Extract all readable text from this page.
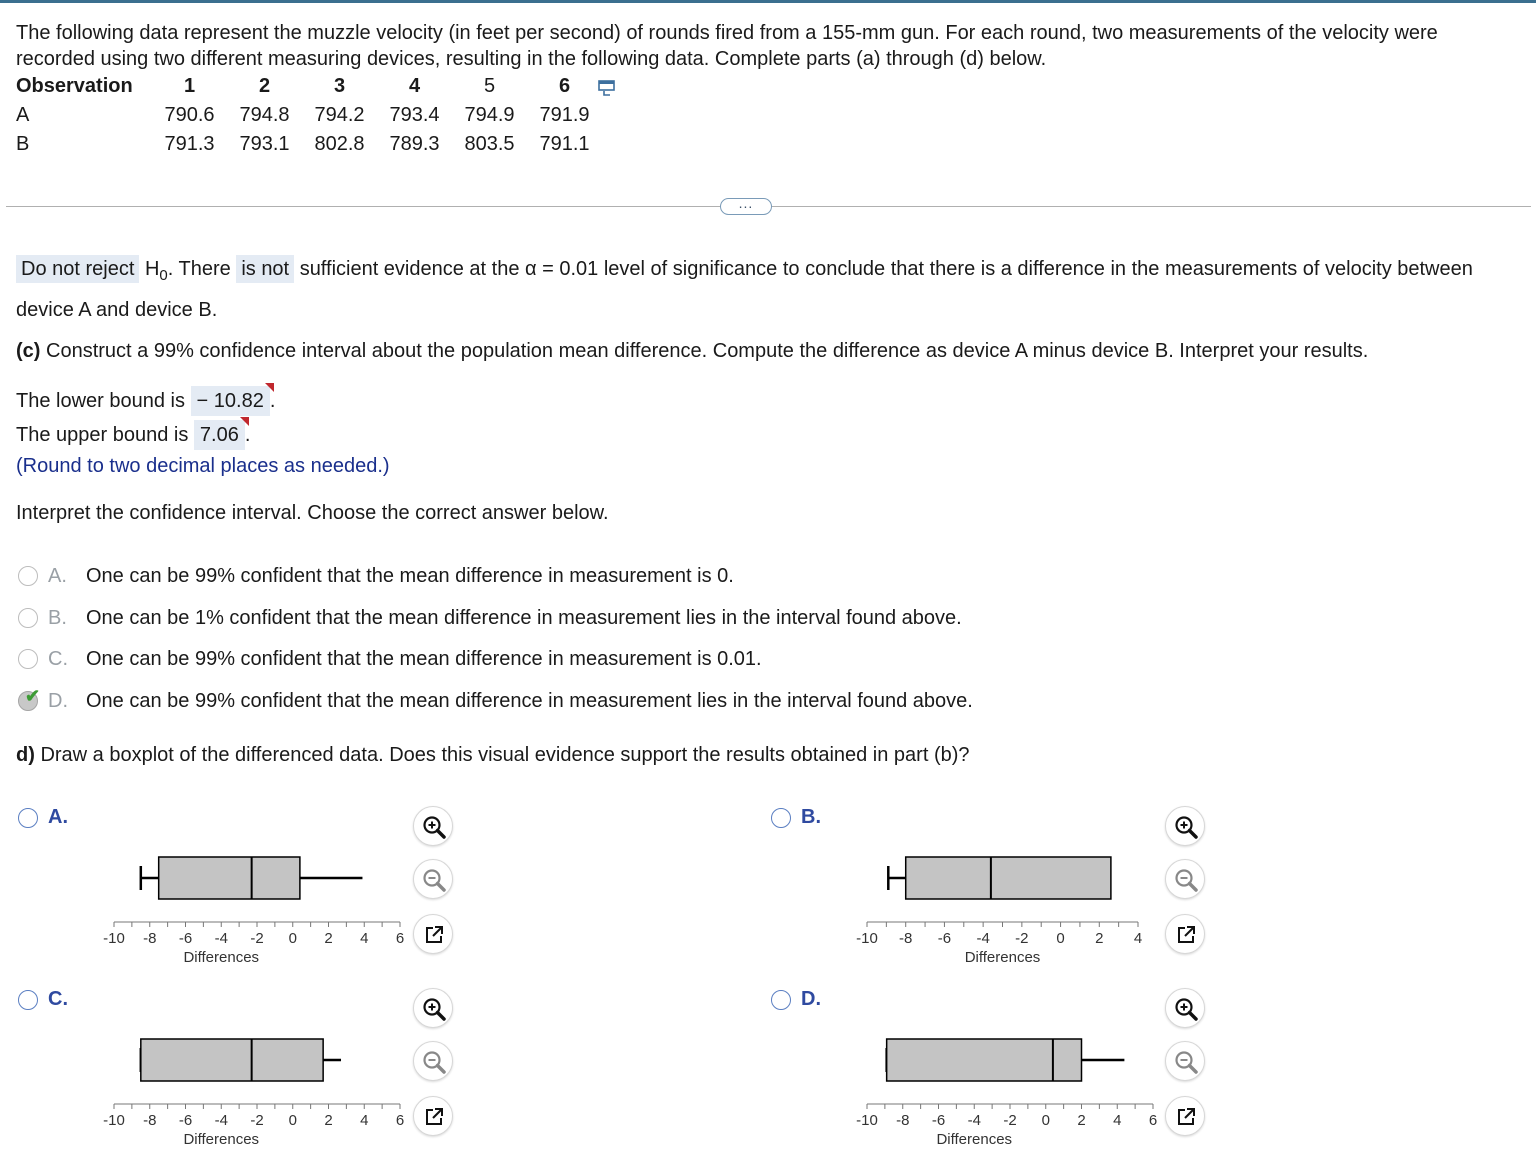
The following data represent the muzzle velocity (in feet per second) of rounds fired from a 155-mm gun. For each round, two measurements of the velocity were recorded using two different measuring devices, resulting in the following data. Complete parts (a) through (d) below.
Observation	1	2	3	4	5	6
A	790.6	794.8	794.2	793.4	794.9	791.9
B	791.3	793.1	802.8	789.3	803.5	791.1
...
Do not reject $H_0$. There is not sufficient evidence at the α = 0.01 level of significance to conclude that there is a difference in the measurements of velocity between device A and device B.
(c) Construct a 99% confidence interval about the population mean difference. Compute the difference as device A minus device B. Interpret your results.
The lower bound is − 10.82 .
The upper bound is 7.06 .
(Round to two decimal places as needed.)
Interpret the confidence interval. Choose the correct answer below.
A. One can be 99% confident that the mean difference in measurement is 0.
B. One can be 1% confident that the mean difference in measurement lies in the interval found above.
C. One can be 99% confident that the mean difference in measurement is 0.01.
✔ D. One can be 99% confident that the mean difference in measurement lies in the interval found above.
d) Draw a boxplot of the differenced data. Does this visual evidence support the results obtained in part (b)?
A.	B.
C.	D.
-10 -8 -6 -4 -2 0 2 4 6
Differences
-10 -8 -6 -4 -2 0 2 4
Differences
-10 -8 -6 -4 -2 0 2 4 6
Differences
-10 -8 -6 -4 -2 0 2 4 6
Differences
